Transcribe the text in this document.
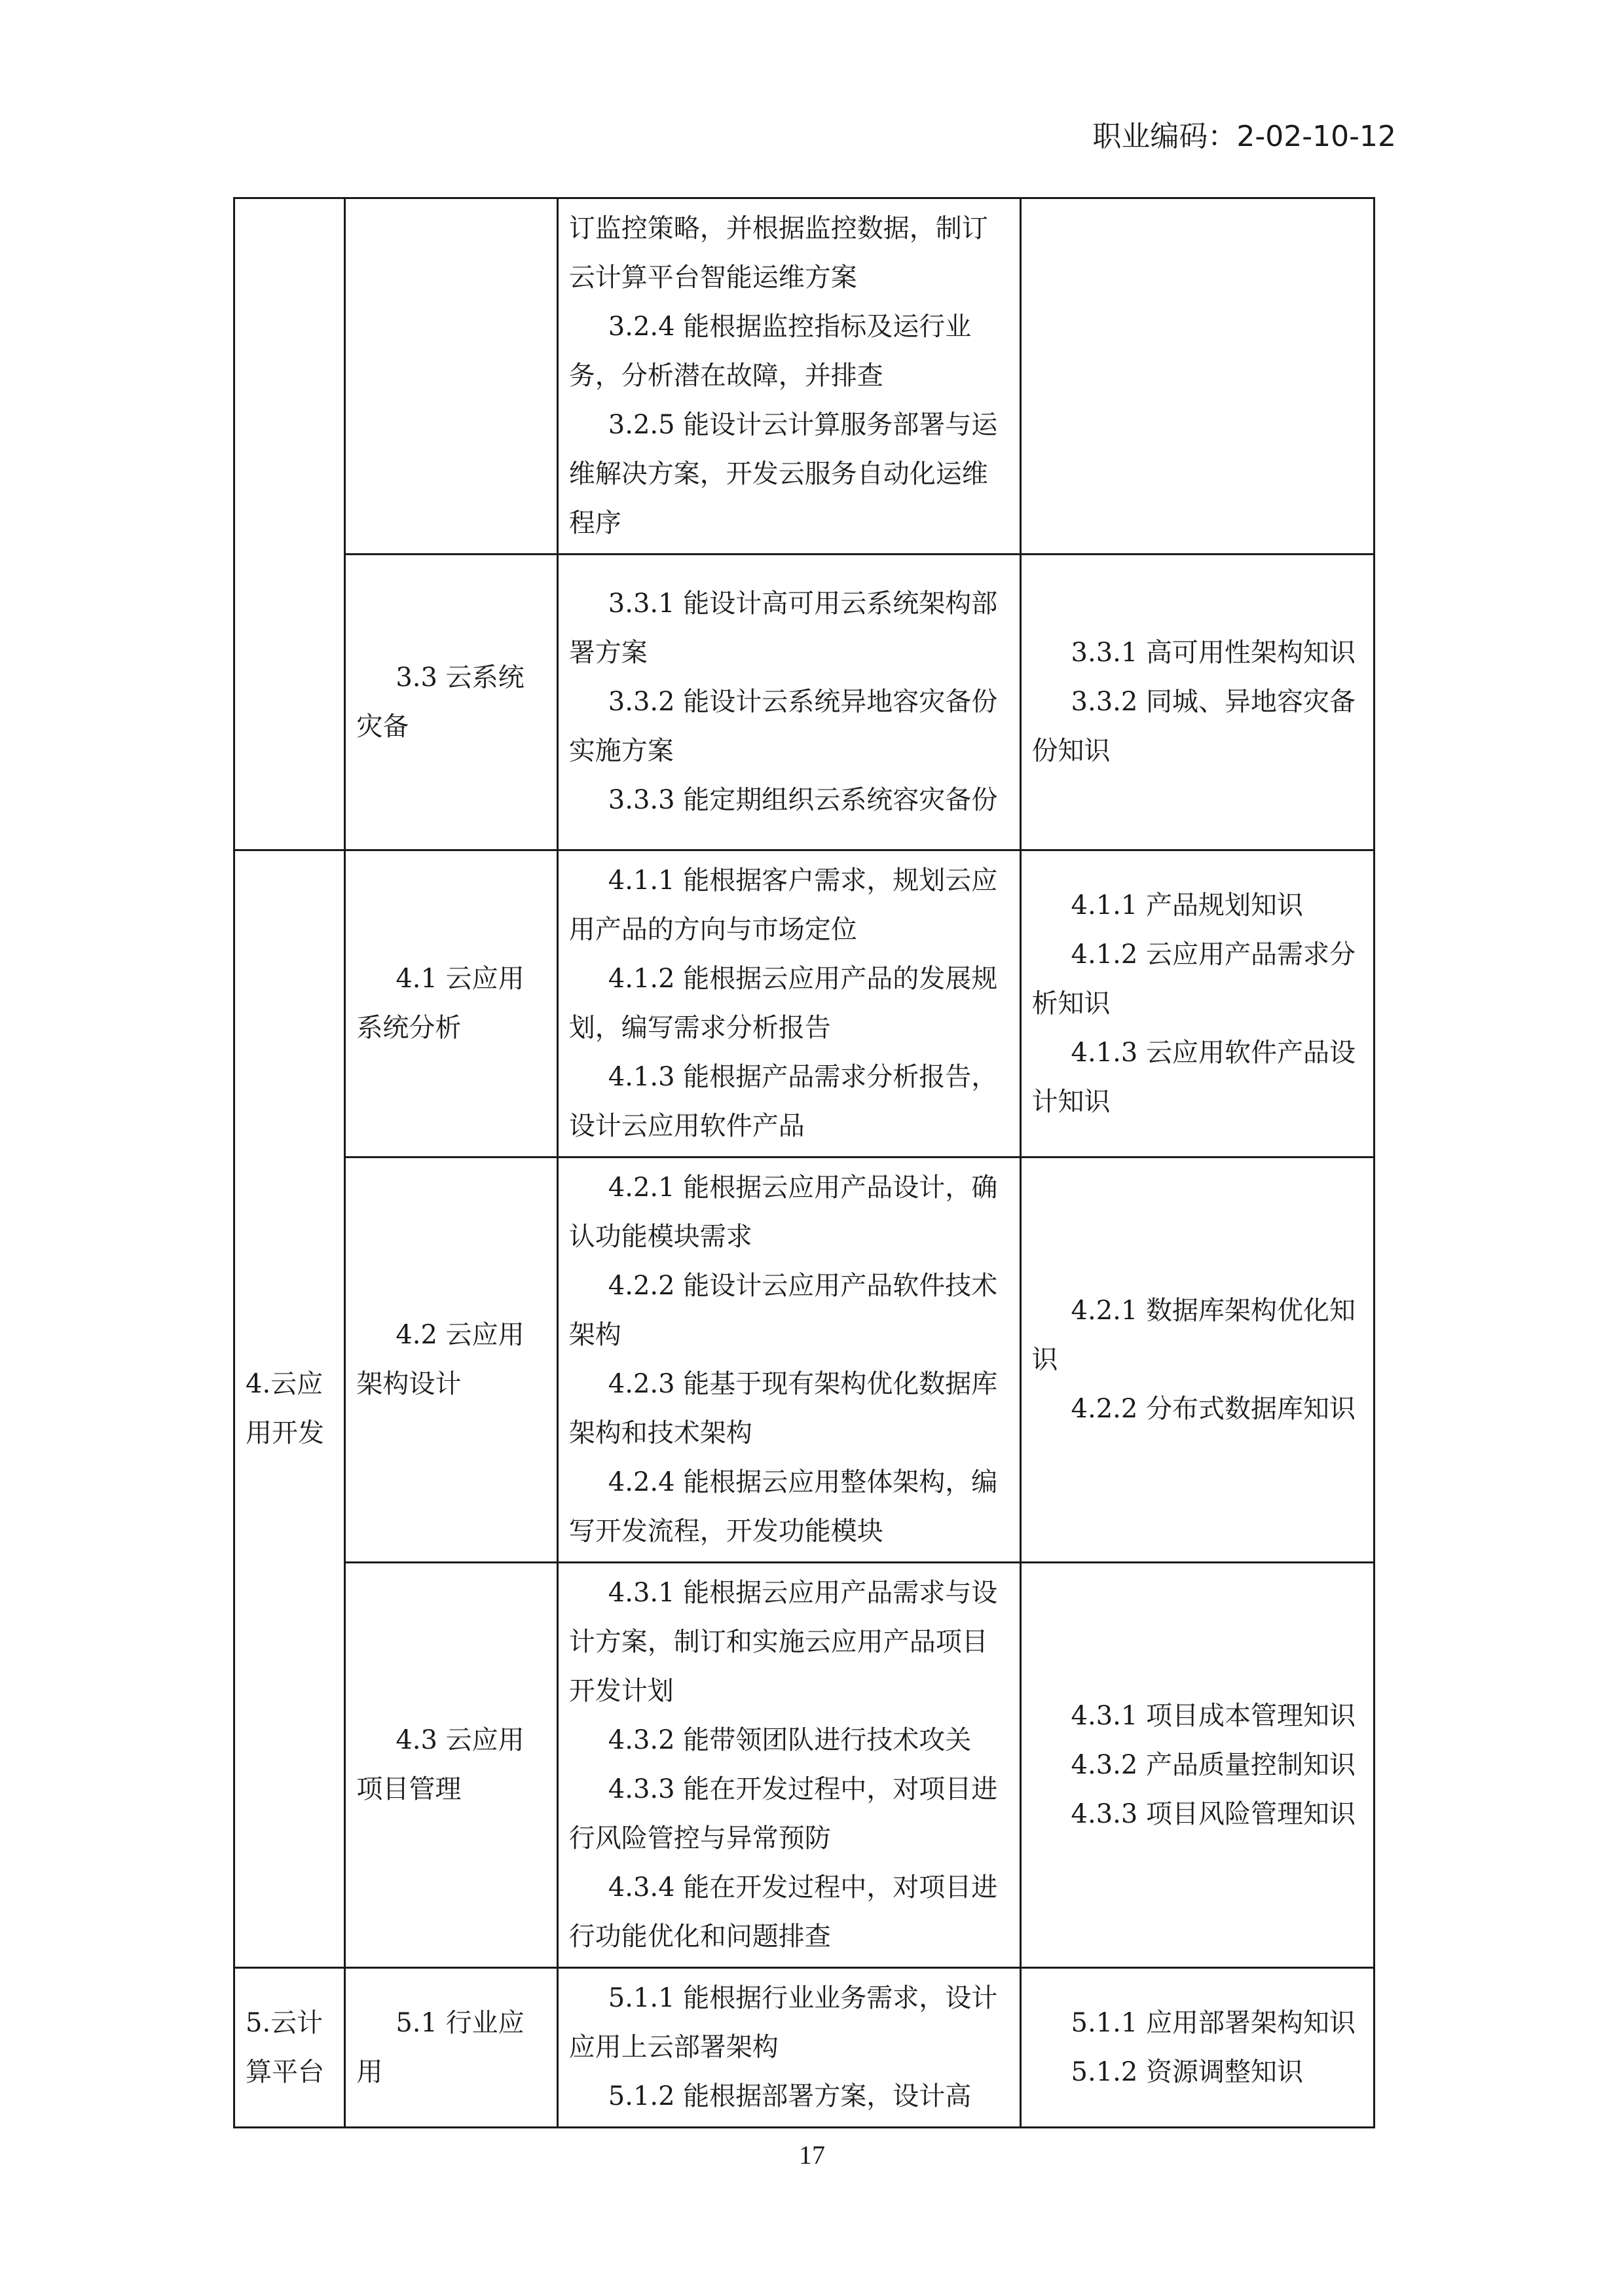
职业编码：2-02-10-12

		订监控策略，并根据监控数据，制订云计算平台智能运维方案
3.2.4 能根据监控指标及运行业务，分析潜在故障，并排查
3.2.5 能设计云计算服务部署与运维解决方案，开发云服务自动化运维程序	

	3.3 云系统灾备	3.3.1 能设计高可用云系统架构部署方案
3.3.2 能设计云系统异地容灾备份实施方案
3.3.3 能定期组织云系统容灾备份	3.3.1 高可用性架构知识
3.3.2 同城、异地容灾备份知识

4.云应用开发	4.1 云应用系统分析	4.1.1 能根据客户需求，规划云应用产品的方向与市场定位
4.1.2 能根据云应用产品的发展规划，编写需求分析报告
4.1.3 能根据产品需求分析报告，设计云应用软件产品	4.1.1 产品规划知识
4.1.2 云应用产品需求分析知识
4.1.3 云应用软件产品设计知识

	4.2 云应用架构设计	4.2.1 能根据云应用产品设计，确认功能模块需求
4.2.2 能设计云应用产品软件技术架构
4.2.3 能基于现有架构优化数据库架构和技术架构
4.2.4 能根据云应用整体架构，编写开发流程，开发功能模块	4.2.1 数据库架构优化知识
4.2.2 分布式数据库知识

	4.3 云应用项目管理	4.3.1 能根据云应用产品需求与设计方案，制订和实施云应用产品项目开发计划
4.3.2 能带领团队进行技术攻关
4.3.3 能在开发过程中，对项目进行风险管控与异常预防
4.3.4 能在开发过程中，对项目进行功能优化和问题排查	4.3.1 项目成本管理知识
4.3.2 产品质量控制知识
4.3.3 项目风险管理知识

5.云计算平台	5.1 行业应用	5.1.1 能根据行业业务需求，设计应用上云部署架构
5.1.2 能根据部署方案，设计高	5.1.1 应用部署架构知识
5.1.2 资源调整知识
17
